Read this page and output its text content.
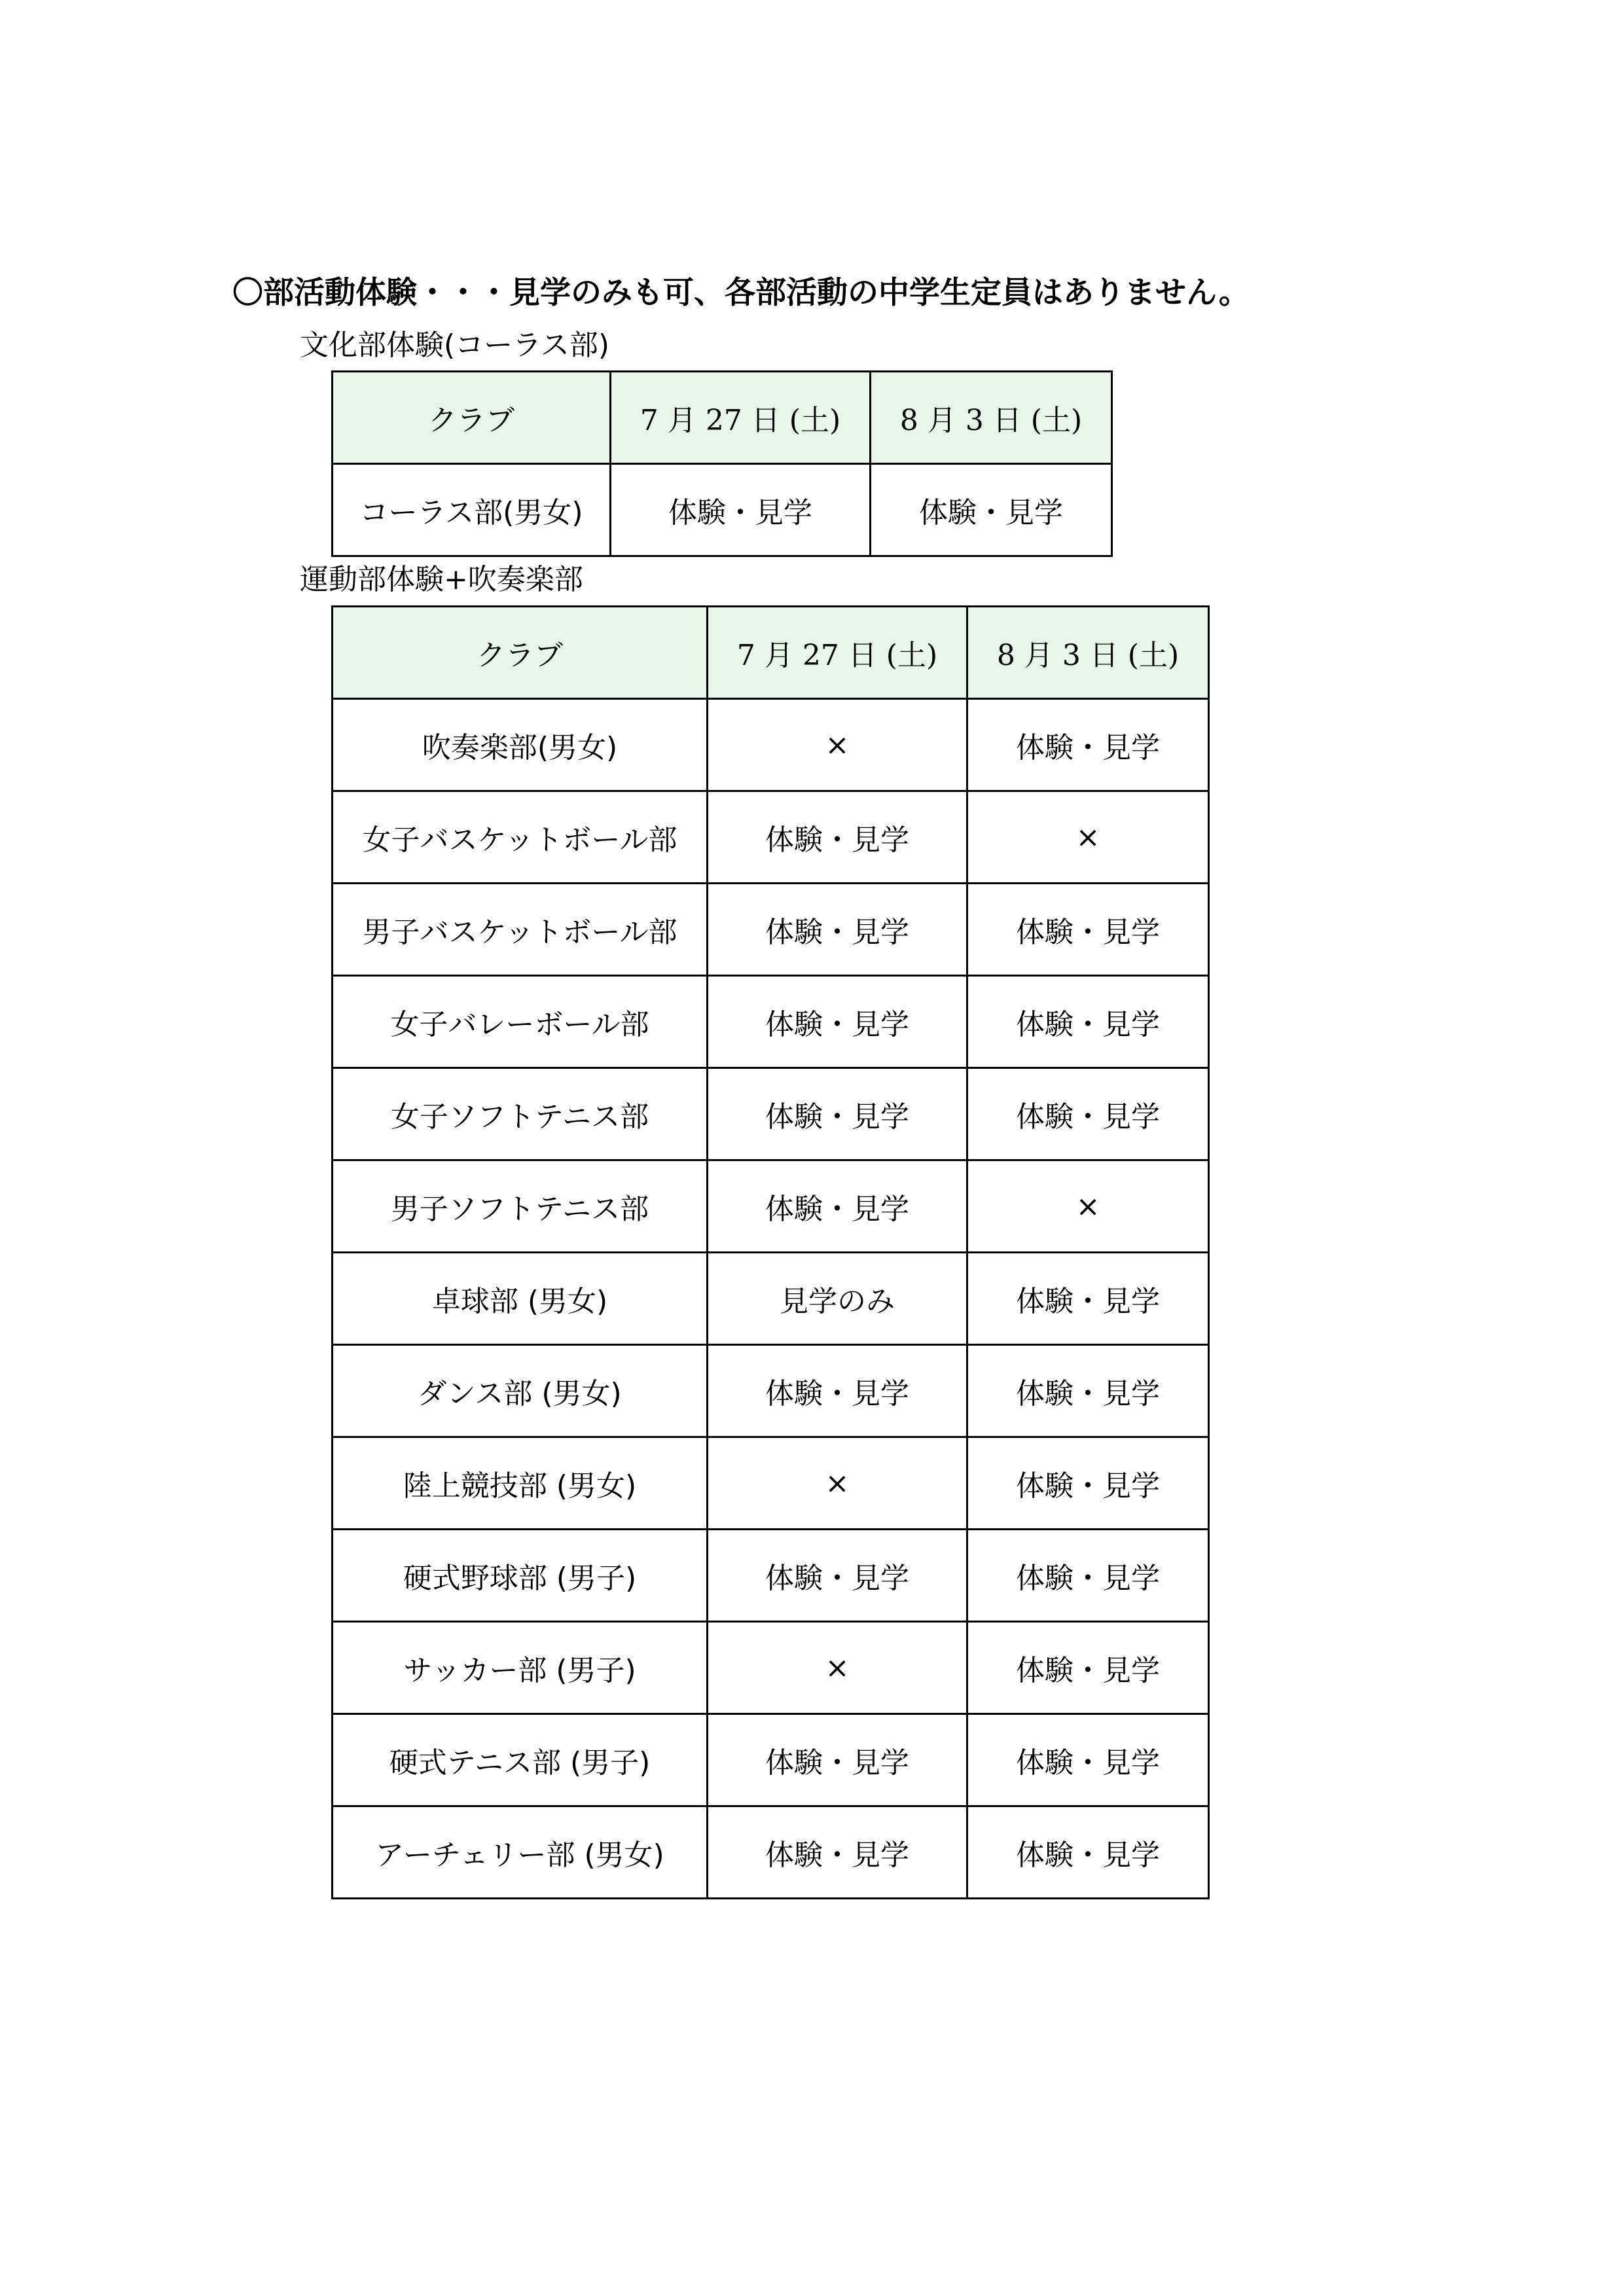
〇部活動体験・・・見学のみも可、各部活動の中学生定員はありません。
文化部体験(コーラス部)
クラブ	7 月 27 日 (土)	8 月 3 日 (土)
コーラス部(男女)	体験・見学	体験・見学
運動部体験+吹奏楽部
クラブ	7 月 27 日 (土)	8 月 3 日 (土)
吹奏楽部(男女)	×	体験・見学
女子バスケットボール部	体験・見学	×
男子バスケットボール部	体験・見学	体験・見学
女子バレーボール部	体験・見学	体験・見学
女子ソフトテニス部	体験・見学	体験・見学
男子ソフトテニス部	体験・見学	×
卓球部 (男女)	見学のみ	体験・見学
ダンス部 (男女)	体験・見学	体験・見学
陸上競技部 (男女)	×	体験・見学
硬式野球部 (男子)	体験・見学	体験・見学
サッカー部 (男子)	×	体験・見学
硬式テニス部 (男子)	体験・見学	体験・見学
アーチェリー部 (男女)	体験・見学	体験・見学
